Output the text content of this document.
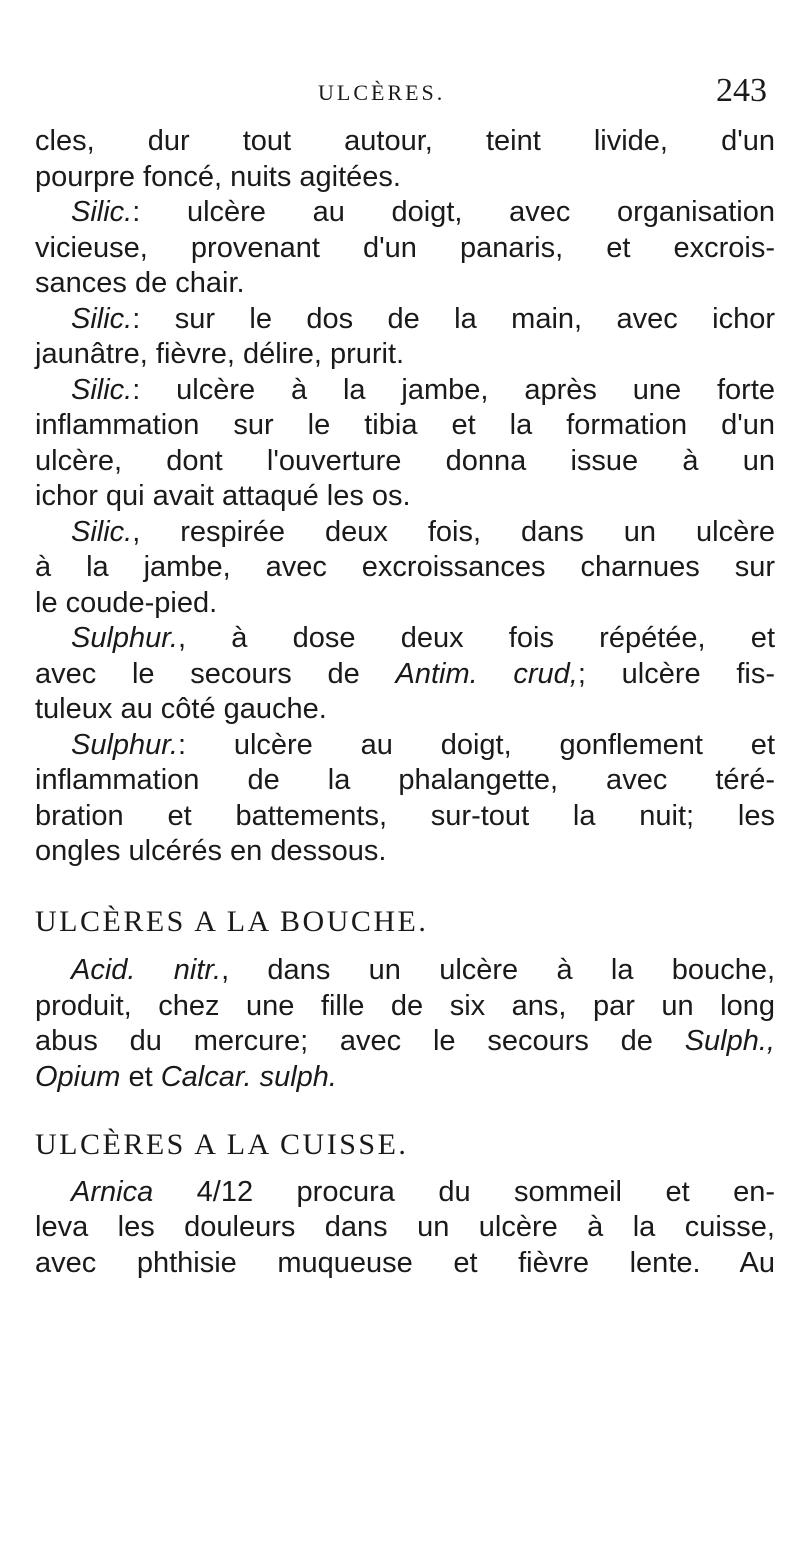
ULCÈRES.	243
cles, dur tout autour, teint livide, d'un
pourpre foncé, nuits agitées.
Silic.: ulcère au doigt, avec organisation
vicieuse, provenant d'un panaris, et excrois-
sances de chair.
Silic.: sur le dos de la main, avec ichor
jaunâtre, fièvre, délire, prurit.
Silic.: ulcère à la jambe, après une forte
inflammation sur le tibia et la formation d'un
ulcère, dont l'ouverture donna issue à un
ichor qui avait attaqué les os.
Silic., respirée deux fois, dans un ulcère
à la jambe, avec excroissances charnues sur
le coude-pied.
Sulphur., à dose deux fois répétée, et
avec le secours de Antim. crud,; ulcère fis-
tuleux au côté gauche.
Sulphur.: ulcère au doigt, gonflement et
inflammation de la phalangette, avec téré-
bration et battements, sur-tout la nuit; les
ongles ulcérés en dessous.
ULCÈRES A LA BOUCHE.
Acid. nitr., dans un ulcère à la bouche,
produit, chez une fille de six ans, par un long
abus du mercure; avec le secours de Sulph.,
Opium et Calcar. sulph.
ULCÈRES A LA CUISSE.
Arnica 4/12 procura du sommeil et en-
leva les douleurs dans un ulcère à la cuisse,
avec phthisie muqueuse et fièvre lente. Au
